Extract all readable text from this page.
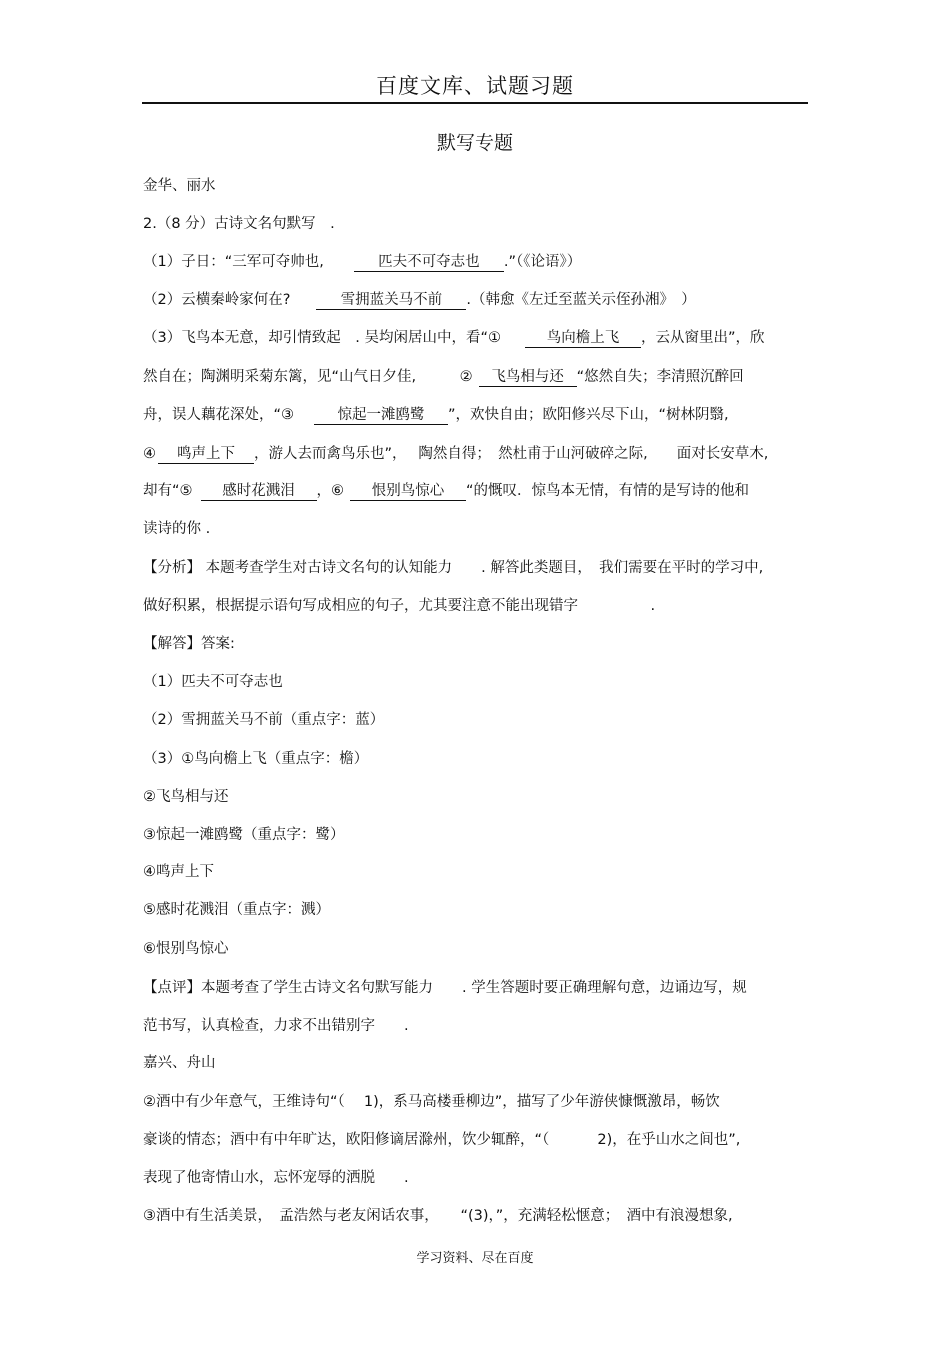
百度文库、试题习题
默写专题
金华、丽水
2.（8 分）古诗文名句默写　.
（1）子日：“三军可夺帅也,	匹夫不可夺志也 .”（《论语》）
（2）云横秦岭家何在?	雪拥蓝关马不前 .（韩愈《左迁至蓝关示侄孙湘》　）
（3）飞鸟本无意，却引情致起　. 吴均闲居山中，看“①	鸟向檐上飞 ，云从窗里出”，欣
然自在；陶渊明采菊东篱，见“山气日夕佳,　　　② 飞鸟相与还 “悠然自失；李清照沉醉回
舟，误人藕花深处，“③	惊起一滩鸥鹭 ”，欢快自由；欧阳修兴尽下山，“树林阴翳,
④ 鸣声上下 ，游人去而禽鸟乐也”，　 陶然自得；　然杜甫于山河破碎之际,　　面对长安草木,
却有“⑤ 感时花溅泪 ，⑥ 恨别鸟惊心 “的慨叹．惊鸟本无情，有情的是写诗的他和
读诗的你 .
【分析】 本题考查学生对古诗文名句的认知能力　　. 解答此类题目，　我们需要在平时的学习中,
做好积累，根据提示语句写成相应的句子，尤其要注意不能出现错字　　　　　.
【解答】答案:
（1）匹夫不可夺志也
（2）雪拥蓝关马不前（重点字：蓝）
（3）①鸟向檐上飞（重点字：檐）
②飞鸟相与还
③惊起一滩鸥鹭（重点字：鹭）
④鸣声上下
⑤感时花溅泪（重点字：溅）
⑥恨别鸟惊心
【点评】本题考查了学生古诗文名句默写能力　　. 学生答题时要正确理解句意，边诵边写，规
范书写，认真检查，力求不出错别字　　.
嘉兴、舟山
②酒中有少年意气，王维诗句“（　 1)，系马高楼垂柳边”，描写了少年游侠慷慨激昂，畅饮
豪谈的情态；酒中有中年旷达，欧阳修谪居滁州，饮少辄醉，“（　　　 2)，在乎山水之间也”,
表现了他寄情山水，忘怀宠辱的洒脱　　.
③酒中有生活美景，　孟浩然与老友闲话农事，　　“(3)，”，充满轻松惬意；　酒中有浪漫想象,
学习资料、尽在百度
